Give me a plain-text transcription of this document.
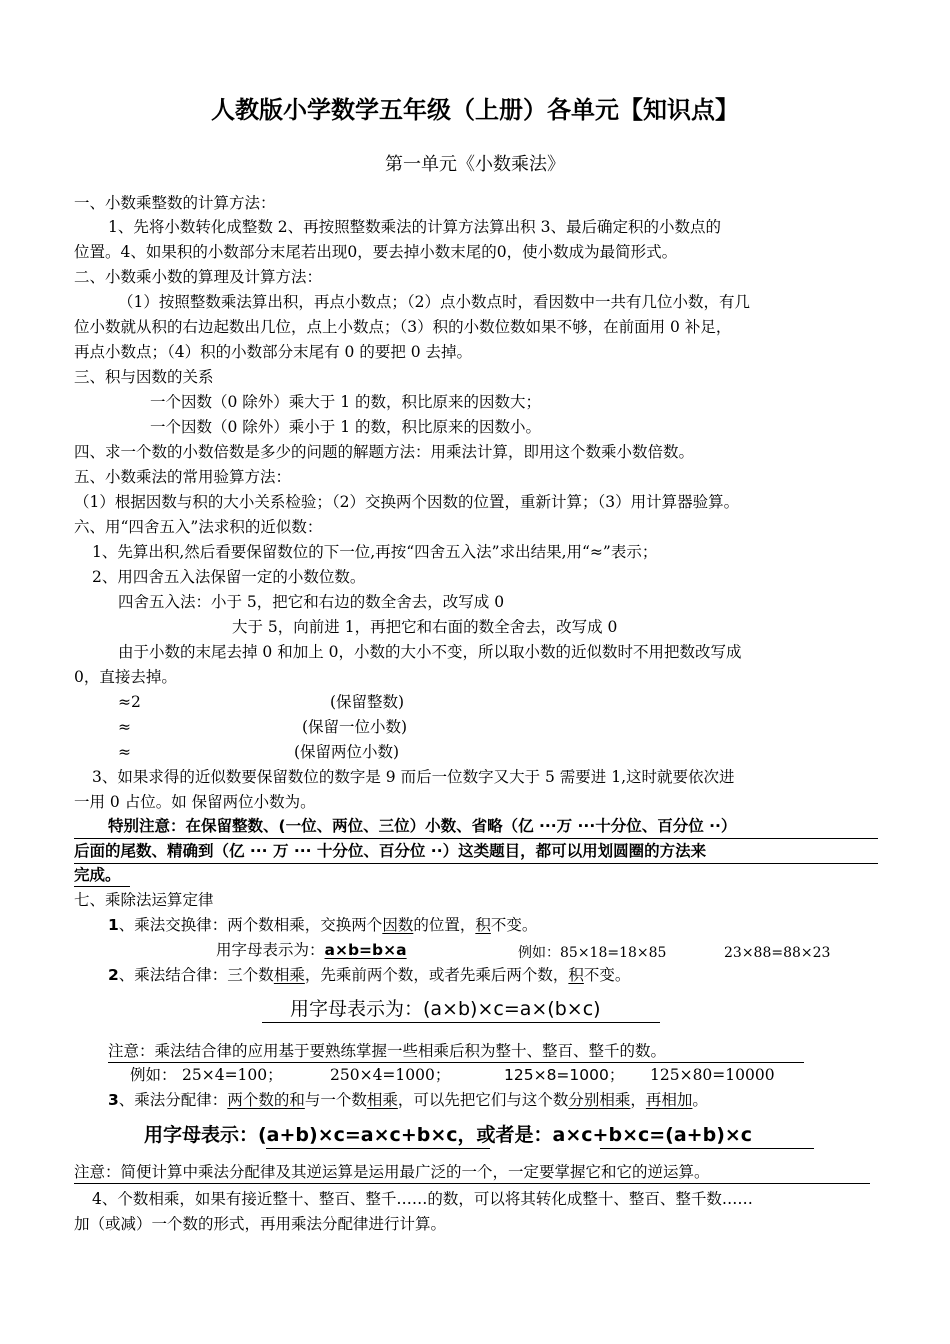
人教版小学数学五年级（上册）各单元【知识点】
第一单元《小数乘法》
一、小数乘整数的计算方法：
1、先将小数转化成整数 2、再按照整数乘法的计算方法算出积 3、最后确定积的小数点的
位置。4、如果积的小数部分末尾若出现0，要去掉小数末尾的0，使小数成为最简形式。
二、小数乘小数的算理及计算方法：
（1）按照整数乘法算出积，再点小数点；（2）点小数点时，看因数中一共有几位小数，有几
位小数就从积的右边起数出几位，点上小数点；（3）积的小数位数如果不够，在前面用 0 补足，
再点小数点；（4）积的小数部分末尾有 0 的要把 0 去掉。
三、积与因数的关系
一个因数（0 除外）乘大于 1 的数，积比原来的因数大；
一个因数（0 除外）乘小于 1 的数，积比原来的因数小。
四、求一个数的小数倍数是多少的问题的解题方法：用乘法计算，即用这个数乘小数倍数。
五、小数乘法的常用验算方法：
（1）根据因数与积的大小关系检验；（2）交换两个因数的位置，重新计算；（3）用计算器验算。
六、用“四舍五入”法求积的近似数：
1、先算出积,然后看要保留数位的下一位,再按“四舍五入法”求出结果,用“≈”表示；
2、用四舍五入法保留一定的小数位数。
四舍五入法：小于 5，把它和右边的数全舍去，改写成 0
大于 5，向前进 1，再把它和右面的数全舍去，改写成 0
由于小数的末尾去掉 0 和加上 0，小数的大小不变，所以取小数的近似数时不用把数改写成
0，直接去掉。
≈2	(保留整数)
≈	(保留一位小数)
≈	(保留两位小数)
3、如果求得的近似数要保留数位的数字是 9 而后一位数字又大于 5 需要进 1,这时就要依次进
一用 0 占位。如 保留两位小数为。
特别注意：在保留整数、(一位、两位、三位）小数、省略（亿 ···万 ···十分位、百分位 ··）
后面的尾数、精确到（亿 ··· 万 ··· 十分位、百分位 ··）这类题目，都可以用划圆圈的方法来
完成。
七、乘除法运算定律
1、乘法交换律：两个数相乘，交换两个因数的位置，积不变。
用字母表示为：a×b=b×a	例如：85×18=18×85	23×88=88×23
2、乘法结合律：三个数相乘，先乘前两个数，或者先乘后两个数，积不变。
用字母表示为：(a×b)×c=a×(b×c)
注意：乘法结合律的应用基于要熟练掌握一些相乘后积为整十、整百、整千的数。
例如： 25×4=100；	250×4=1000；	125×8=1000； 125×80=10000
3、乘法分配律：两个数的和与一个数相乘，可以先把它们与这个数分别相乘，再相加。
用字母表示：(a+b)×c=a×c+b×c，或者是：a×c+b×c=(a+b)×c
注意：简便计算中乘法分配律及其逆运算是运用最广泛的一个，一定要掌握它和它的逆运算。
4、个数相乘，如果有接近整十、整百、整千……的数，可以将其转化成整十、整百、整千数……
加（或减）一个数的形式，再用乘法分配律进行计算。
